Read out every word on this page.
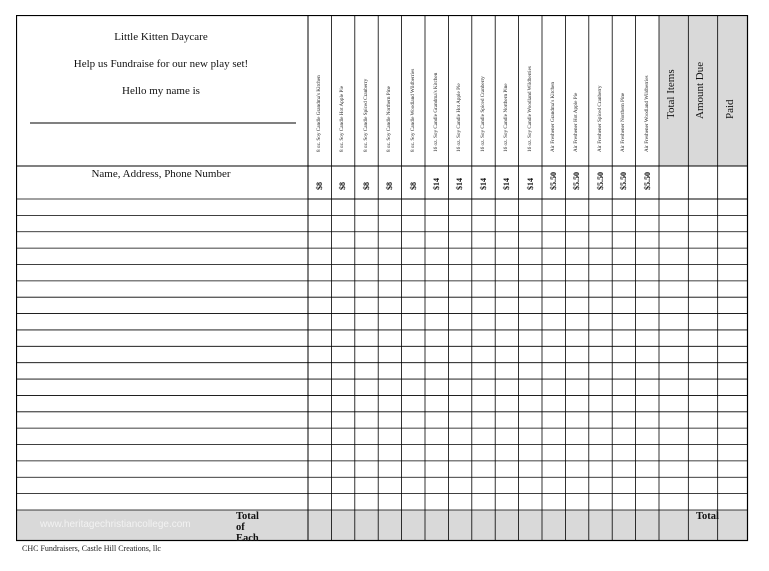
Little Kitten Daycare
Help us Fundraise for our new play set!
Hello my name is
Name, Address, Phone Number
8 oz. Soy Candle Grandma's Kitchen
$8
8 oz. Soy Candle Hot Apple Pie
$8
8 oz. Soy Candle Spiced Cranberry
$8
8 oz. Soy Candle Northern Pine
$8
8 oz. Soy Candle Woodland Wildberries
$8
16 oz. Soy Candle Grandma's Kitchen
$14
16 oz. Soy Candle Hot Apple Pie
$14
16 oz. Soy Candle Spiced Cranberry
$14
16 oz. Soy Candle Northern Pine
$14
16 oz. Soy Candle Woodland Wildberries
$14
Air Freshener Grandma's Kitchen
$5.50
Air Freshener Hot Apple Pie
$5.50
Air Freshener Spiced Cranberry
$5.50
Air Freshener Northern Pine
$5.50
Air Freshener Woodland Wildberries
$5.50
Total Items Amount Due Paid
Total of Each
Total
www.heritagechristiancollege.com
CHC Fundraisers, Castle Hill Creations, llc
